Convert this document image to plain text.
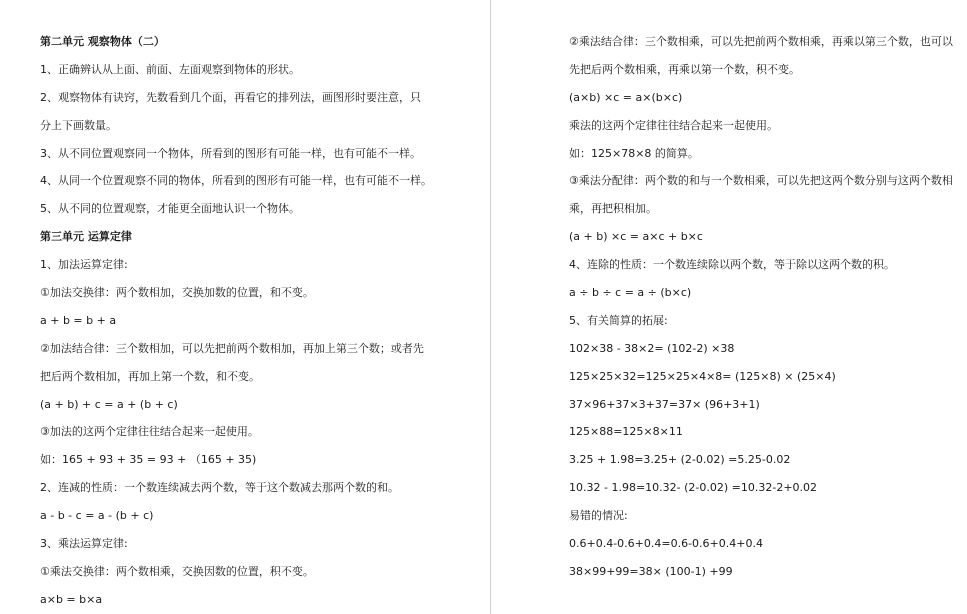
第二单元 观察物体（二）
1、正确辨认从上面、前面、左面观察到物体的形状。
2、观察物体有诀窍，先数看到几个面，再看它的排列法，画图形时要注意，只
分上下画数量。
3、从不同位置观察同一个物体，所看到的图形有可能一样，也有可能不一样。
4、从同一个位置观察不同的物体，所看到的图形有可能一样，也有可能不一样。
5、从不同的位置观察，才能更全面地认识一个物体。
第三单元 运算定律
1、加法运算定律:
①加法交换律：两个数相加，交换加数的位置，和不变。
a + b = b + a
②加法结合律：三个数相加，可以先把前两个数相加，再加上第三个数；或者先
把后两个数相加，再加上第一个数，和不变。
(a + b) + c = a + (b + c)
③加法的这两个定律往往结合起来一起使用。
如：165 + 93 + 35 = 93 + （165 + 35)
2、连减的性质：一个数连续减去两个数，等于这个数减去那两个数的和。
a - b - c = a - (b + c)
3、乘法运算定律:
①乘法交换律：两个数相乘，交换因数的位置，积不变。
a×b = b×a
②乘法结合律：三个数相乘，可以先把前两个数相乘，再乘以第三个数，也可以
先把后两个数相乘，再乘以第一个数，积不变。
(a×b) ×c = a×(b×c)
乘法的这两个定律往往结合起来一起使用。
如：125×78×8 的简算。
③乘法分配律：两个数的和与一个数相乘，可以先把这两个数分别与这两个数相
乘，再把积相加。
(a + b) ×c = a×c + b×c
4、连除的性质：一个数连续除以两个数，等于除以这两个数的积。
a ÷ b ÷ c = a ÷ (b×c)
5、有关简算的拓展:
102×38 - 38×2= (102-2) ×38
125×25×32=125×25×4×8= (125×8) × (25×4)
37×96+37×3+37=37× (96+3+1)
125×88=125×8×11
3.25 + 1.98=3.25+ (2-0.02) =5.25-0.02
10.32 - 1.98=10.32- (2-0.02) =10.32-2+0.02
易错的情况:
0.6+0.4-0.6+0.4=0.6-0.6+0.4+0.4
38×99+99=38× (100-1) +99
